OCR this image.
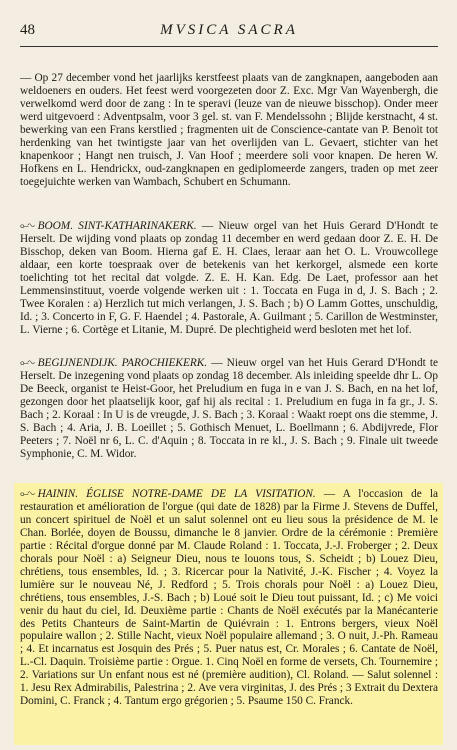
48	MVSICA SACRA

— Op 27 december vond het jaarlijks kerstfeest plaats van de zangknapen, aangeboden aan weldoeners en ouders. Het feest werd voorgezeten door Z. Exc. Mgr Van Wayenbergh, die verwelkomd werd door de zang : In te speravi (leuze van de nieuwe bisschop). Onder meer werd uitgevoerd : Adventpsalm, voor 3 gel. st. van F. Mendelssohn ; Blijde kerstnacht, 4 st. bewerking van een Frans kerstlied ; fragmenten uit de Conscience-cantate van P. Benoit tot herdenking van het twintigste jaar van het overlijden van L. Gevaert, stichter van het knapenkoor ; Hangt nen truisch, J. Van Hoof ; meerdere soli voor knapen. De heren W. Hofkens en L. Hendrickx, oud-zangknapen en gediplomeerde zangers, traden op met zeer toegejuichte werken van Wambach, Schubert en Schumann.

⟜∿ BOOM. SINT-KATHARINAKERK. — Nieuw orgel van het Huis Gerard D'Hondt te Herselt. De wijding vond plaats op zondag 11 december en werd gedaan door Z. E. H. De Bisschop, deken van Boom. Hierna gaf E. H. Claes, leraar aan het O. L. Vrouwcollege aldaar, een korte toespraak over de betekenis van het kerkorgel, alsmede een korte toelichting tot het recital dat volgde. Z. E. H. Kan. Edg. De Laet, professor aan het Lemmensinstituut, voerde volgende werken uit : 1. Toccata en Fuga in d, J. S. Bach ; 2. Twee Koralen : a) Herzlich tut mich verlangen, J. S. Bach ; b) O Lamm Gottes, unschuldig, Id. ; 3. Concerto in F, G. F. Haendel ; 4. Pastorale, A. Guilmant ; 5. Carillon de Westminster, L. Vierne ; 6. Cortège et Litanie, M. Dupré. De plechtigheid werd besloten met het lof.

⟜∿ BEGIJNENDIJK. PAROCHIEKERK. — Nieuw orgel van het Huis Gerard D'Hondt te Herselt. De inzegening vond plaats op zondag 18 december. Als inleiding speelde dhr L. Op De Beeck, organist te Heist-Goor, het Preludium en fuga in e van J. S. Bach, en na het lof, gezongen door het plaatselijk koor, gaf hij als recital : 1. Preludium en fuga in fa gr., J. S. Bach ; 2. Koraal : In U is de vreugde, J. S. Bach ; 3. Koraal : Waakt roept ons die stemme, J. S. Bach ; 4. Aria, J. B. Loeillet ; 5. Gothisch Menuet, L. Boellmann ; 6. Abdijvrede, Flor Peeters ; 7. Noël nr 6, L. C. d'Aquin ; 8. Toccata in re kl., J. S. Bach ; 9. Finale uit tweede Symphonie, C. M. Widor.

⟜∿ HAININ. ÉGLISE NOTRE-DAME DE LA VISITATION. — A l'occasion de la restauration et amélioration de l'orgue (qui date de 1828) par la Firme J. Stevens de Duffel, un concert spirituel de Noël et un salut solennel ont eu lieu sous la présidence de M. le Chan. Borlée, doyen de Boussu, dimanche le 8 janvier. Ordre de la cérémonie : Première partie : Récital d'orgue donné par M. Claude Roland : 1. Toccata, J.-J. Froberger ; 2. Deux chorals pour Noël : a) Seigneur Dieu, nous te louons tous, S. Scheidt ; b) Louez Dieu, chrétiens, tous ensembles, Id. ; 3. Ricercar pour la Nativité, J.-K. Fischer ; 4. Voyez la lumière sur le nouveau Né, J. Redford ; 5. Trois chorals pour Noël : a) Louez Dieu, chrétiens, tous ensembles, J.-S. Bach ; b) Loué soit le Dieu tout puissant, Id. ; c) Me voici venir du haut du ciel, Id. Deuxième partie : Chants de Noël exécutés par la Manécanterie des Petits Chanteurs de Saint-Martin de Quiévrain : 1. Entrons bergers, vieux Noël populaire wallon ; 2. Stille Nacht, vieux Noël populaire allemand ; 3. O nuit, J.-Ph. Rameau ; 4. Et incarnatus est Josquin des Prés ; 5. Puer natus est, Cr. Morales ; 6. Cantate de Noël, L.-Cl. Daquin. Troisième partie : Orgue. 1. Cinq Noël en forme de versets, Ch. Tournemire ; 2. Variations sur Un enfant nous est né (première audition), Cl. Roland. — Salut solennel : 1. Jesu Rex Admirabilis, Palestrina ; 2. Ave vera virginitas, J. des Prés ; 3 Extrait du Dextera Domini, C. Franck ; 4. Tantum ergo grégorien ; 5. Psaume 150 C. Franck.
